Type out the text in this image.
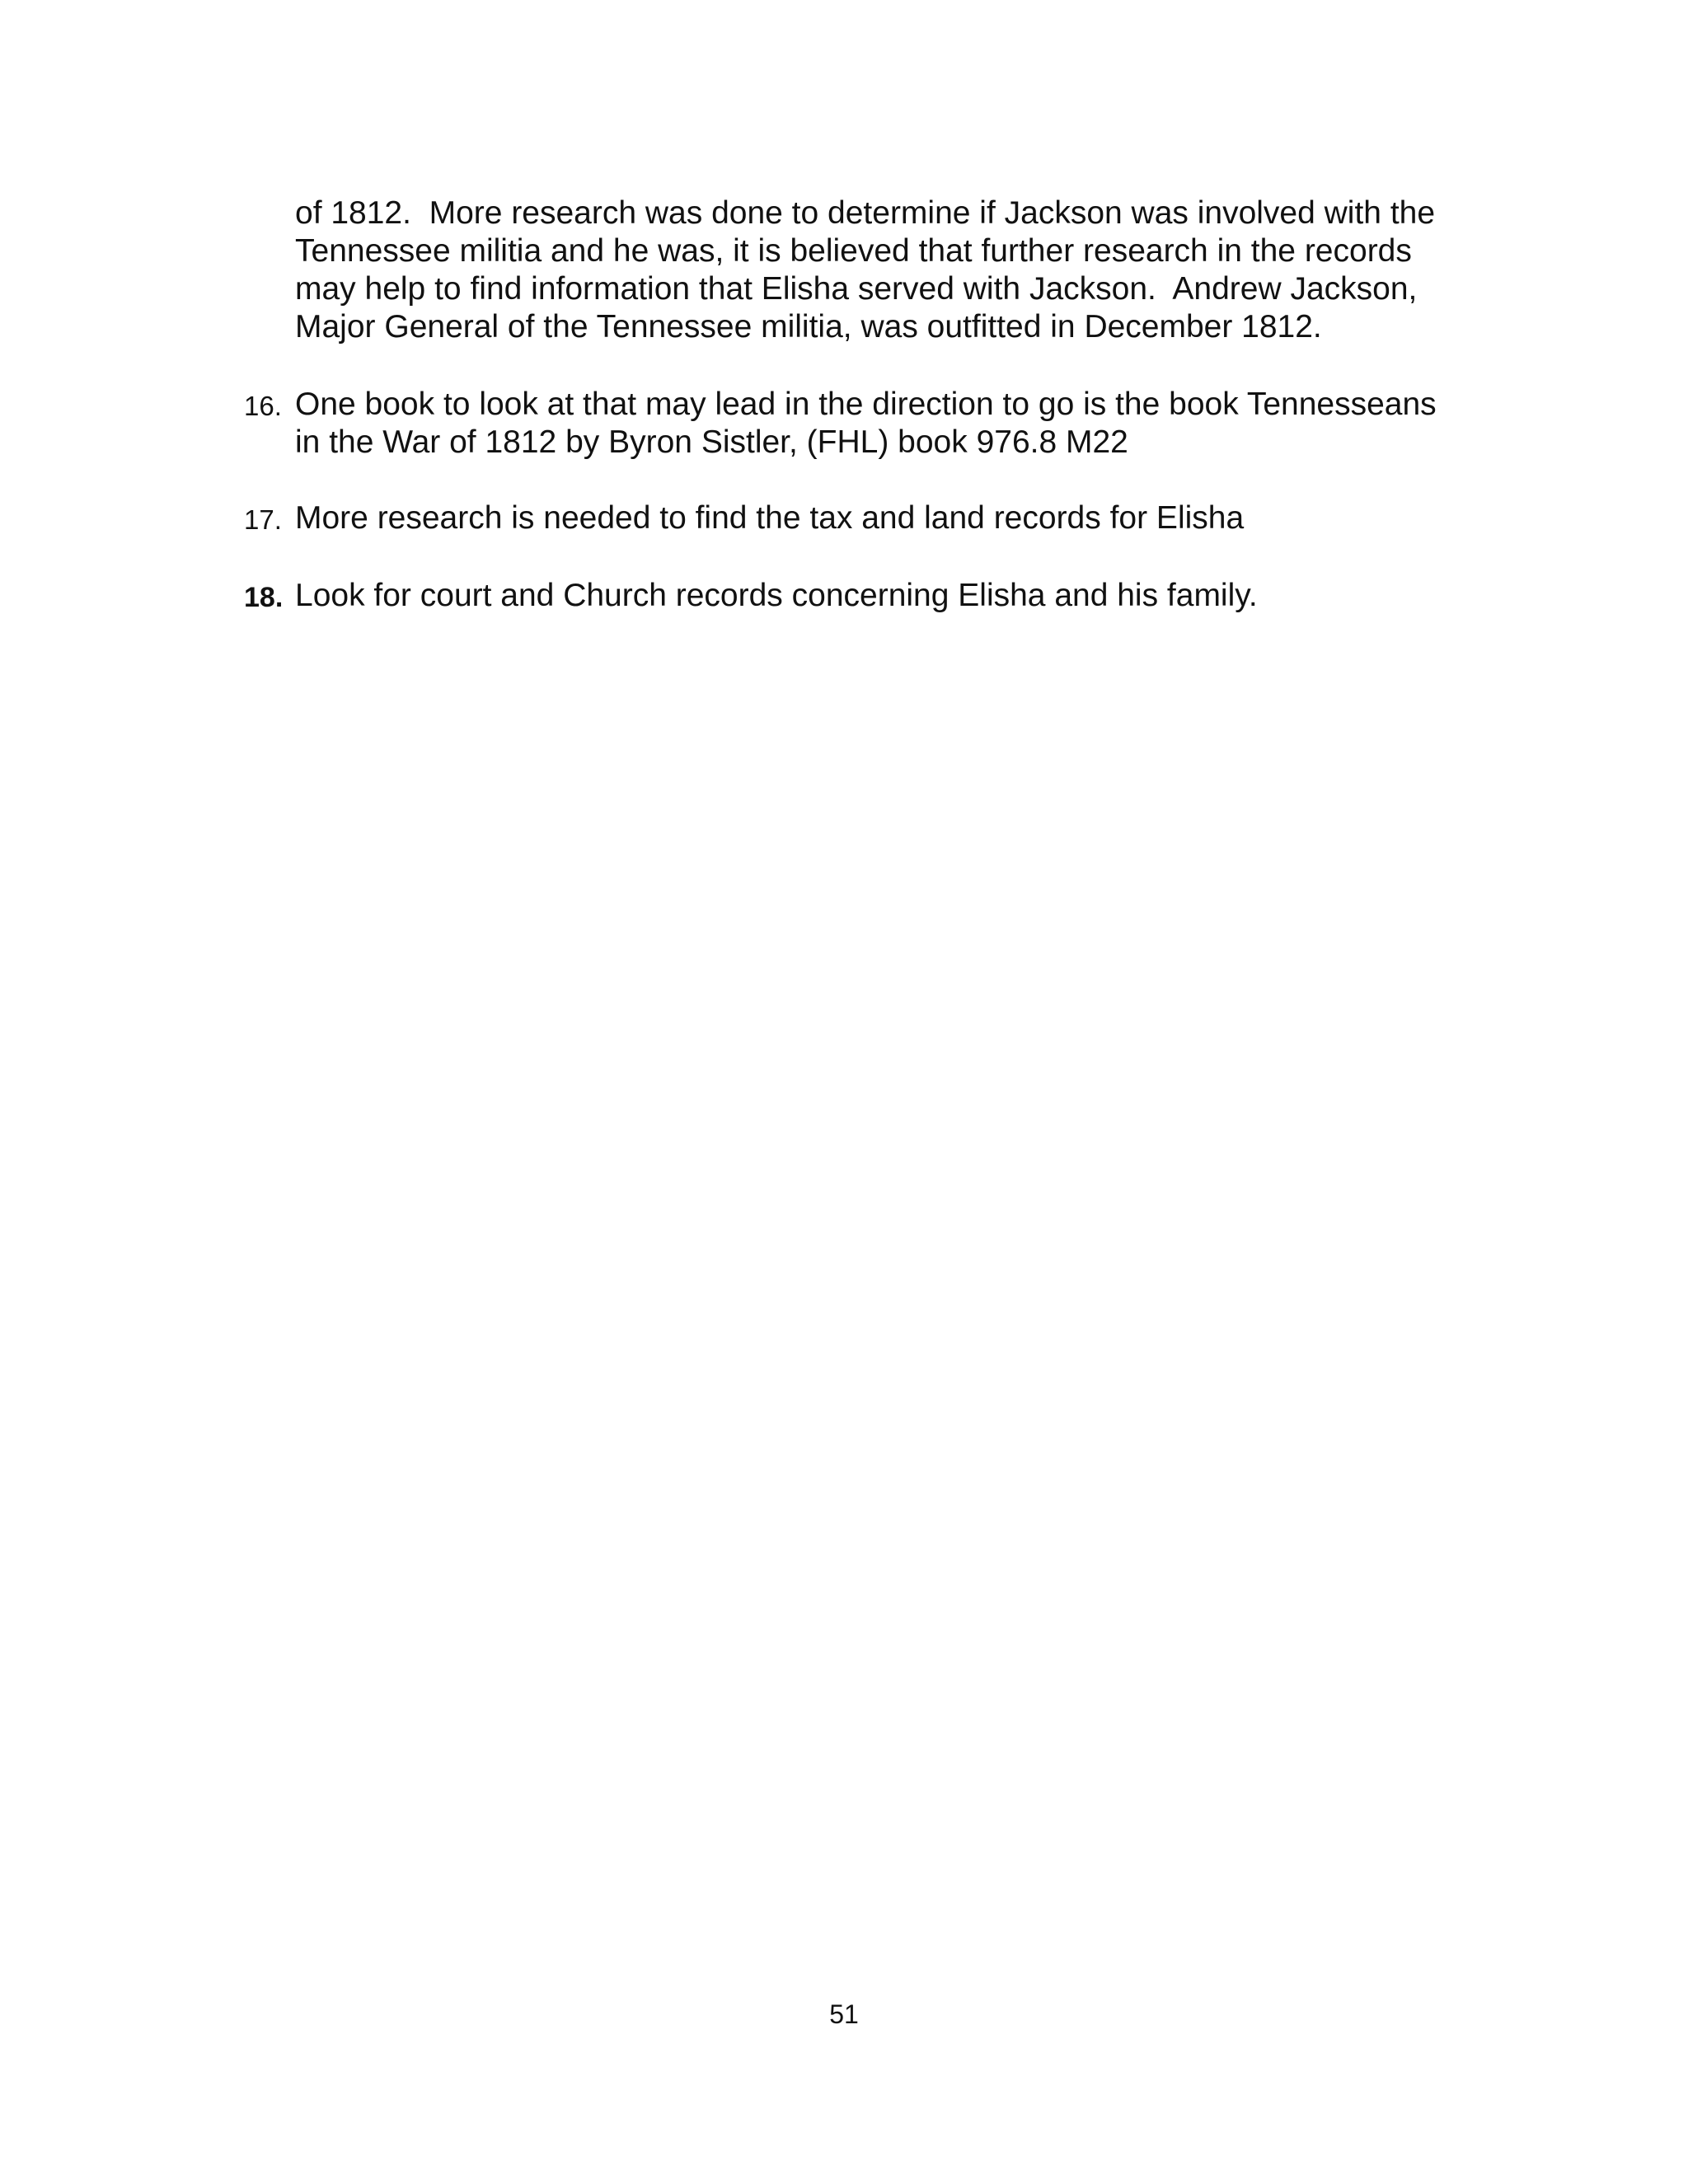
of 1812.  More research was done to determine if Jackson was involved with the
Tennessee militia and he was, it is believed that further research in the records
may help to find information that Elisha served with Jackson.  Andrew Jackson,
Major General of the Tennessee militia, was outfitted in December 1812.
16. One book to look at that may lead in the direction to go is the book Tennesseans
in the War of 1812 by Byron Sistler, (FHL) book 976.8 M22
17. More research is needed to find the tax and land records for Elisha
18. Look for court and Church records concerning Elisha and his family.
51
